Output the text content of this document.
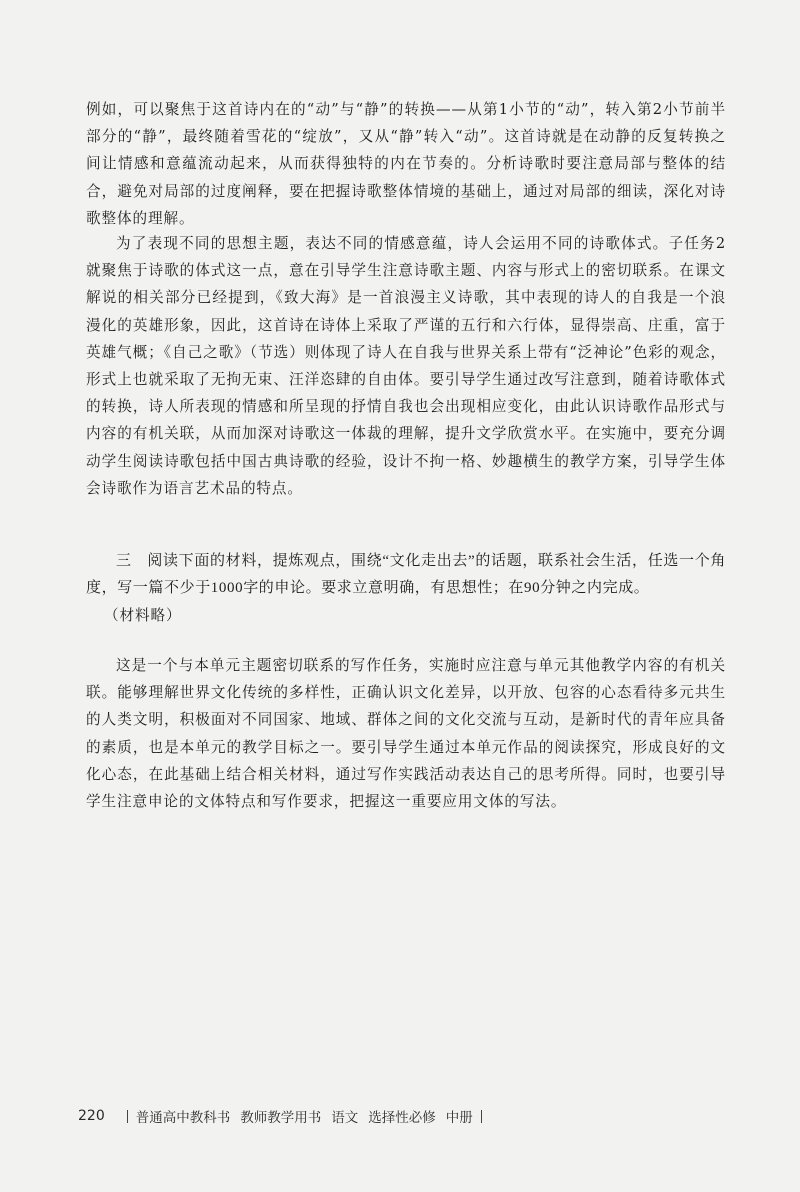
例如，可以聚焦于这首诗内在的“动”与“静”的转换——从第1小节的“动”，转入第2小节前半部分的“静”，最终随着雪花的“绽放”，又从“静”转入“动”。这首诗就是在动静的反复转换之间让情感和意蕴流动起来，从而获得独特的内在节奏的。分析诗歌时要注意局部与整体的结合，避免对局部的过度阐释，要在把握诗歌整体情境的基础上，通过对局部的细读，深化对诗歌整体的理解。

为了表现不同的思想主题，表达不同的情感意蕴，诗人会运用不同的诗歌体式。子任务2就聚焦于诗歌的体式这一点，意在引导学生注意诗歌主题、内容与形式上的密切联系。在课文解说的相关部分已经提到，《致大海》是一首浪漫主义诗歌，其中表现的诗人的自我是一个浪漫化的英雄形象，因此，这首诗在诗体上采取了严谨的五行和六行体，显得崇高、庄重，富于英雄气概；《自己之歌》（节选）则体现了诗人在自我与世界关系上带有“泛神论”色彩的观念，形式上也就采取了无拘无束、汪洋恣肆的自由体。要引导学生通过改写注意到，随着诗歌体式的转换，诗人所表现的情感和所呈现的抒情自我也会出现相应变化，由此认识诗歌作品形式与内容的有机关联，从而加深对诗歌这一体裁的理解，提升文学欣赏水平。在实施中，要充分调动学生阅读诗歌包括中国古典诗歌的经验，设计不拘一格、妙趣横生的教学方案，引导学生体会诗歌作为语言艺术品的特点。

三　阅读下面的材料，提炼观点，围绕“文化走出去”的话题，联系社会生活，任选一个角度，写一篇不少于1000字的申论。要求立意明确，有思想性；在90分钟之内完成。

（材料略）

这是一个与本单元主题密切联系的写作任务，实施时应注意与单元其他教学内容的有机关联。能够理解世界文化传统的多样性，正确认识文化差异，以开放、包容的心态看待多元共生的人类文明，积极面对不同国家、地域、群体之间的文化交流与互动，是新时代的青年应具备的素质，也是本单元的教学目标之一。要引导学生通过本单元作品的阅读探究，形成良好的文化心态，在此基础上结合相关材料，通过写作实践活动表达自己的思考所得。同时，也要引导学生注意申论的文体特点和写作要求，把握这一重要应用文体的写法。

220 普通高中教科书 教师教学用书 语文 选择性必修 中册
